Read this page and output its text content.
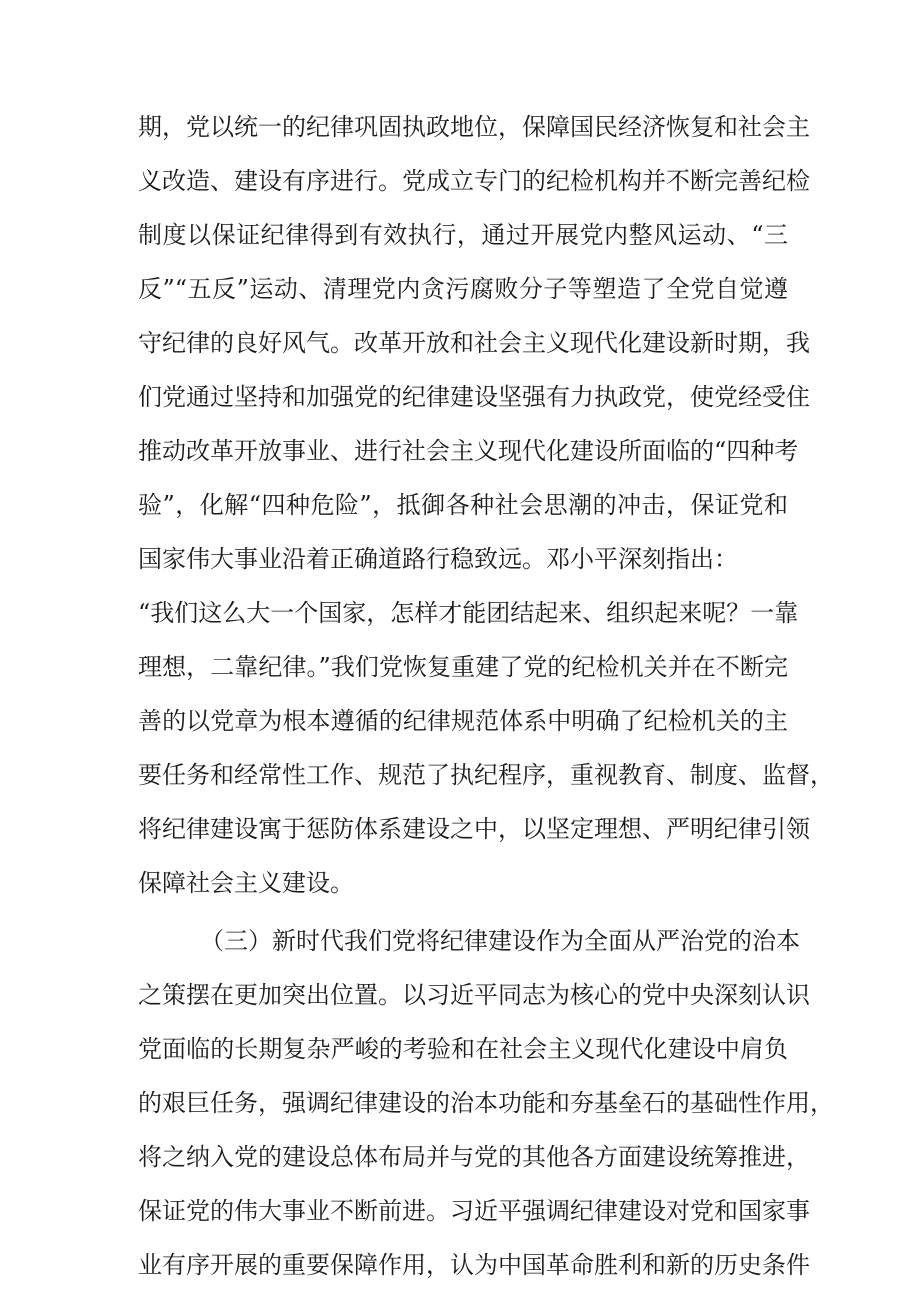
期，党以统一的纪律巩固执政地位，保障国民经济恢复和社会主
义改造、建设有序进行。党成立专门的纪检机构并不断完善纪检
制度以保证纪律得到有效执行，通过开展党内整风运动、“三
反”“五反”运动、清理党内贪污腐败分子等塑造了全党自觉遵
守纪律的良好风气。改革开放和社会主义现代化建设新时期，我
们党通过坚持和加强党的纪律建设坚强有力执政党，使党经受住
推动改革开放事业、进行社会主义现代化建设所面临的“四种考
验”，化解“四种危险”，抵御各种社会思潮的冲击，保证党和
国家伟大事业沿着正确道路行稳致远。邓小平深刻指出：
“我们这么大一个国家，怎样才能团结起来、组织起来呢？一靠
理想，二靠纪律。”我们党恢复重建了党的纪检机关并在不断完
善的以党章为根本遵循的纪律规范体系中明确了纪检机关的主
要任务和经常性工作、规范了执纪程序，重视教育、制度、监督，
将纪律建设寓于惩防体系建设之中，以坚定理想、严明纪律引领
保障社会主义建设。
（三）新时代我们党将纪律建设作为全面从严治党的治本
之策摆在更加突出位置。以习近平同志为核心的党中央深刻认识
党面临的长期复杂严峻的考验和在社会主义现代化建设中肩负
的艰巨任务，强调纪律建设的治本功能和夯基垒石的基础性作用，
将之纳入党的建设总体布局并与党的其他各方面建设统筹推进，
保证党的伟大事业不断前进。习近平强调纪律建设对党和国家事
业有序开展的重要保障作用，认为中国革命胜利和新的历史条件
